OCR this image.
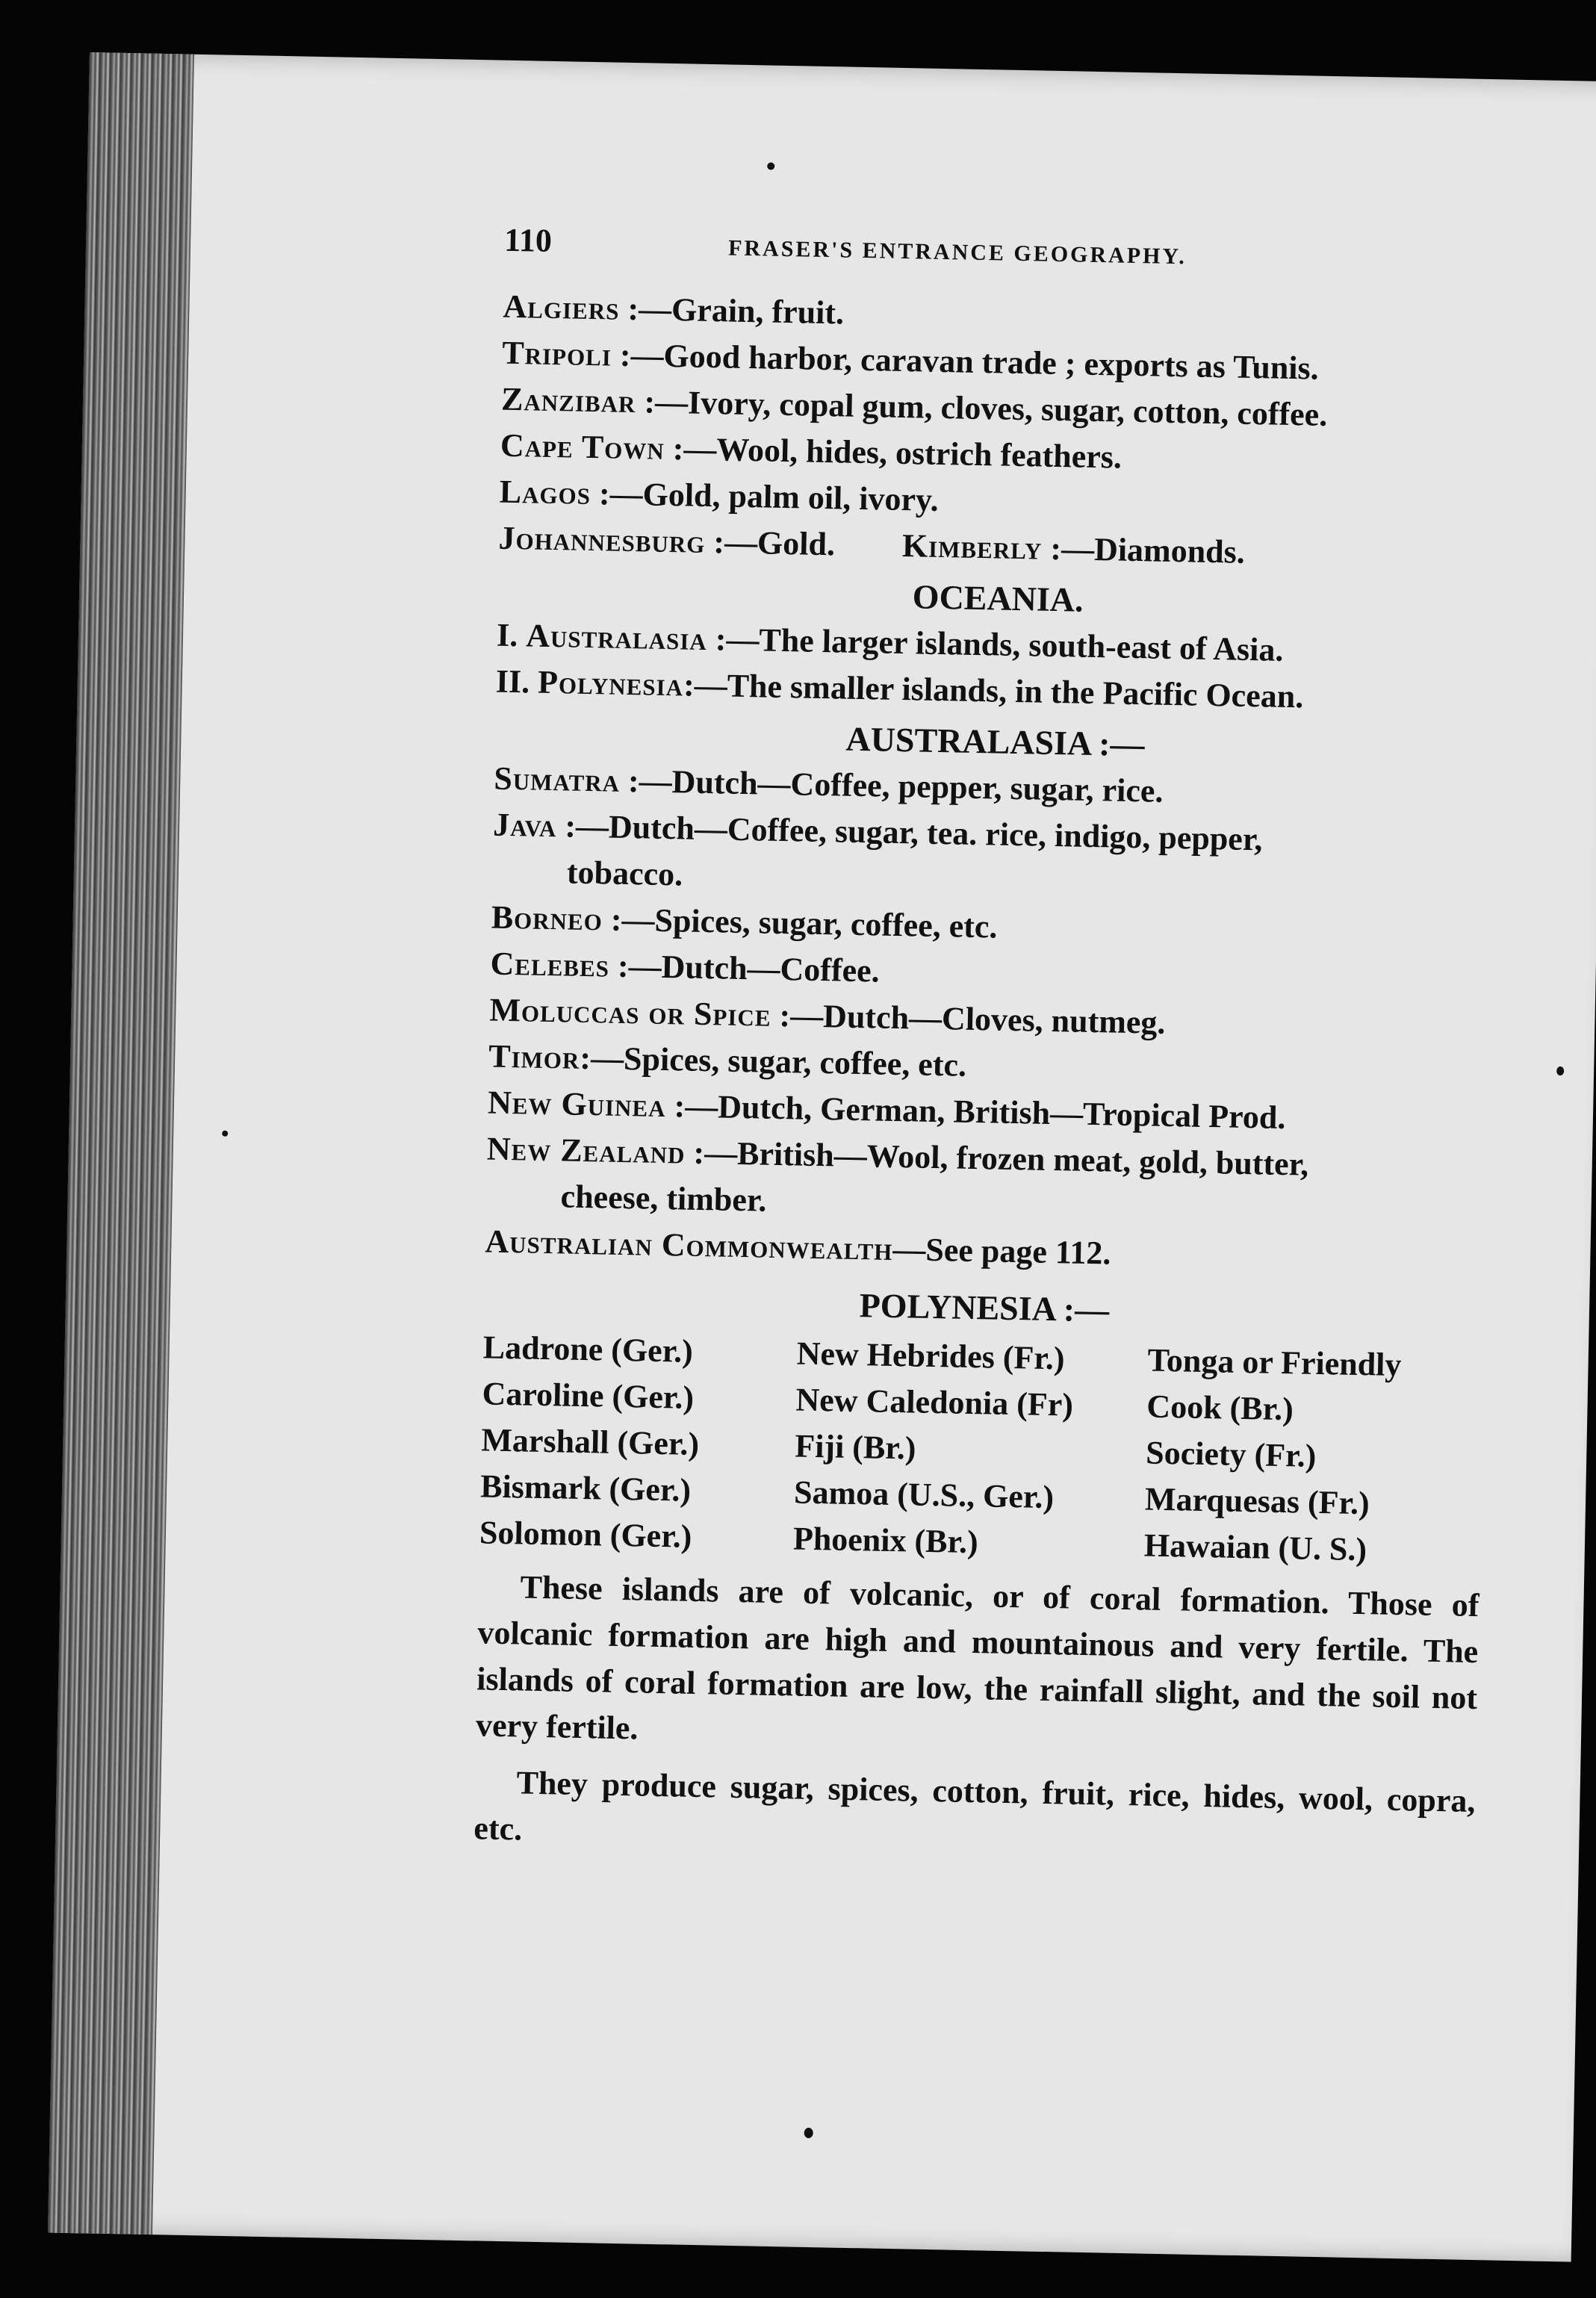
110	FRASER'S ENTRANCE GEOGRAPHY.
Algiers :—Grain, fruit.
Tripoli :—Good harbor, caravan trade ; exports as Tunis.
Zanzibar :—Ivory, copal gum, cloves, sugar, cotton, coffee.
Cape Town :—Wool, hides, ostrich feathers.
Lagos :—Gold, palm oil, ivory.
Johannesburg :—Gold. Kimberly :—Diamonds.
OCEANIA.
I. Australasia :—The larger islands, south-east of Asia.
II. Polynesia:—The smaller islands, in the Pacific Ocean.
AUSTRALASIA :—
Sumatra :—Dutch—Coffee, pepper, sugar, rice.
Java :—Dutch—Coffee, sugar, tea. rice, indigo, pepper,
tobacco.
Borneo :—Spices, sugar, coffee, etc.
Celebes :—Dutch—Coffee.
Moluccas or Spice :—Dutch—Cloves, nutmeg.
Timor:—Spices, sugar, coffee, etc.
New Guinea :—Dutch, German, British—Tropical Prod.
New Zealand :—British—Wool, frozen meat, gold, butter,
cheese, timber.
Australian Commonwealth—See page 112.
POLYNESIA :—
Ladrone (Ger.)	New Hebrides (Fr.)	Tonga or Friendly
Caroline (Ger.)	New Caledonia (Fr)	Cook (Br.)
Marshall (Ger.)	Fiji (Br.)	Society (Fr.)
Bismark (Ger.)	Samoa (U.S., Ger.)	Marquesas (Fr.)
Solomon (Ger.)	Phoenix (Br.)	Hawaian (U. S.)

These islands are of volcanic, or of coral formation. Those of volcanic formation are high and mountainous and very fertile. The islands of coral formation are low, the rainfall slight, and the soil not very fertile.

They produce sugar, spices, cotton, fruit, rice, hides, wool, copra, etc.
